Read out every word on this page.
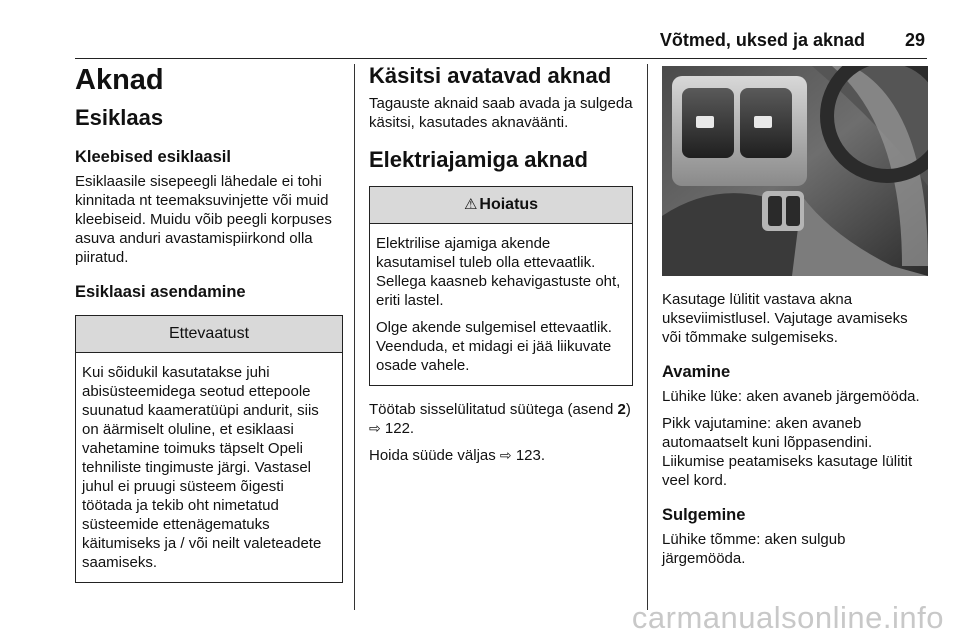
Võtmed, uksed ja aknad 29
Aknad
Esiklaas
Kleebised esiklaasil

Esiklaasile sisepeegli lähedale ei tohi kinnitada nt teemaksuvinjette või muid kleebiseid. Muidu võib peegli korpuses asuva anduri avastamispiirkond olla piiratud.

Esiklaasi asendamine
Ettevaatust

Kui sõidukil kasutatakse juhi abisüsteemidega seotud ettepoole suunatud kaameratüüpi andurit, siis on äärmiselt oluline, et esiklaasi vahetamine toimuks täpselt Opeli tehniliste tingimuste järgi. Vastasel juhul ei pruugi süsteem õigesti töötada ja tekib oht nimetatud süsteemide ettenägematuks käitumiseks ja / või neilt valeteadete saamiseks.

Käsitsi avatavad aknad

Tagauste aknaid saab avada ja sulgeda käsitsi, kasutades aknaväänti.

Elektriajamiga aknad
⚠ Hoiatus

Elektrilise ajamiga akende kasutamisel tuleb olla ettevaatlik. Sellega kaasneb kehavigastuste oht, eriti lastel.

Olge akende sulgemisel ettevaatlik. Veenduda, et midagi ei jää liikuvate osade vahele.

Töötab sisselülitatud süütega (asend 2) ⇨ 122.

Hoida süüde väljas ⇨ 123.

Kasutage lülitit vastava akna ukseviimistlusel. Vajutage avamiseks või tõmmake sulgemiseks.

Avamine

Lühike lüke: aken avaneb järgemööda.

Pikk vajutamine: aken avaneb automaatselt kuni lõppasendini. Liikumise peatamiseks kasutage lülitit veel kord.

Sulgemine

Lühike tõmme: aken sulgub järgemööda.

carmanualsonline.info
